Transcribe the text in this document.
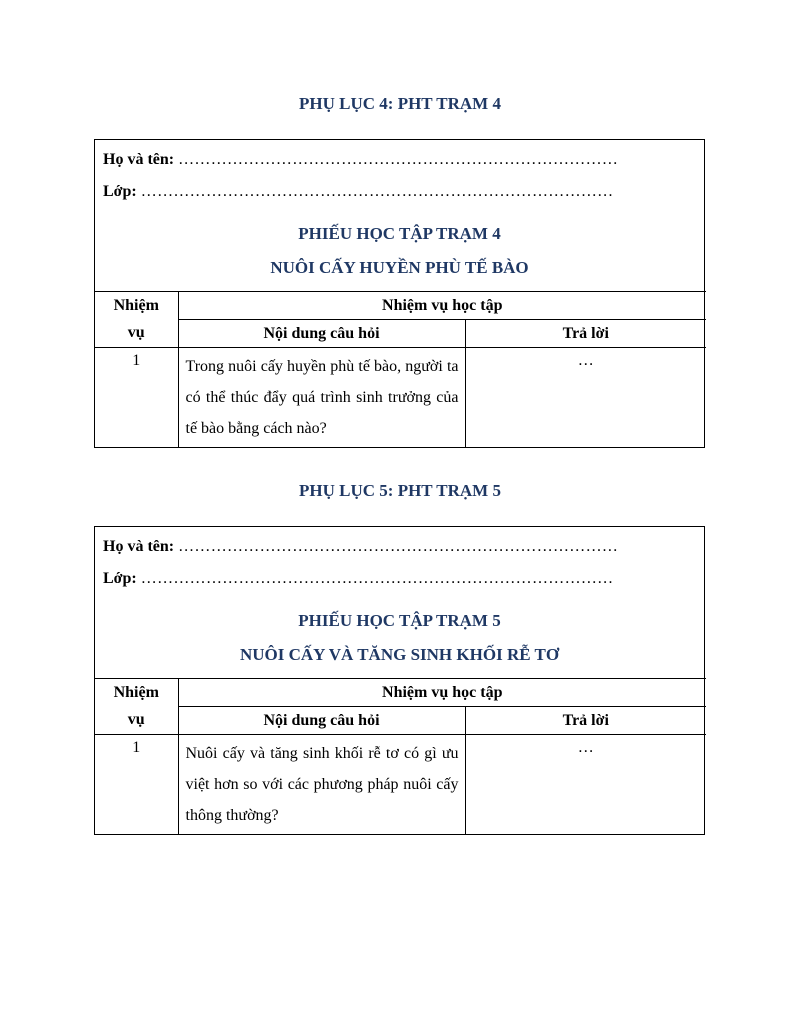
PHỤ LỤC 4: PHT TRẠM 4
Họ và tên: ………………………………………………………………………
Lớp: ……………………………………………………………………………
PHIẾU HỌC TẬP TRẠM 4
NUÔI CẤY HUYỀN PHÙ TẾ BÀO
Nhiệm vụ	Nhiệm vụ học tập	
	Nội dung câu hỏi	Trả lời
1	Trong nuôi cấy huyền phù tế bào, người ta có thể thúc đẩy quá trình sinh trưởng của tế bào bằng cách nào?	…
PHỤ LỤC 5: PHT TRẠM 5
Họ và tên: ………………………………………………………………………
Lớp: ……………………………………………………………………………
PHIẾU HỌC TẬP TRẠM 5
NUÔI CẤY VÀ TĂNG SINH KHỐI RỄ TƠ
Nhiệm vụ	Nhiệm vụ học tập	
	Nội dung câu hỏi	Trả lời
1	Nuôi cấy và tăng sinh khối rễ tơ có gì ưu việt hơn so với các phương pháp nuôi cấy thông thường?	…
